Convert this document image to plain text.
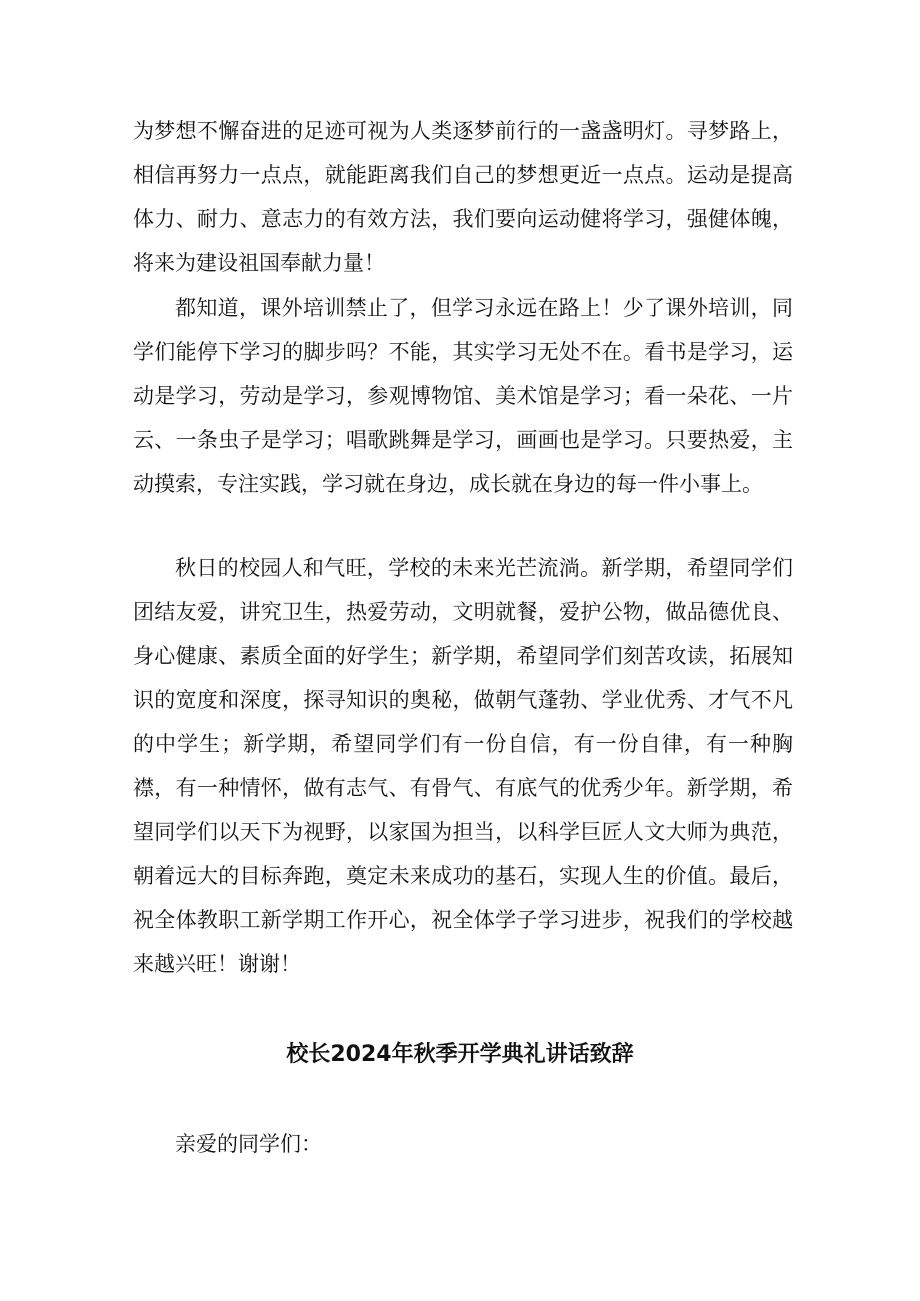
为梦想不懈奋进的足迹可视为人类逐梦前行的一盏盏明灯。寻梦路上，相信再努力一点点，就能距离我们自己的梦想更近一点点。运动是提高体力、耐力、意志力的有效方法，我们要向运动健将学习，强健体魄，将来为建设祖国奉献力量！

都知道，课外培训禁止了，但学习永远在路上！少了课外培训，同学们能停下学习的脚步吗？不能，其实学习无处不在。看书是学习，运动是学习，劳动是学习，参观博物馆、美术馆是学习；看一朵花、一片云、一条虫子是学习；唱歌跳舞是学习，画画也是学习。只要热爱，主动摸索，专注实践，学习就在身边，成长就在身边的每一件小事上。

秋日的校园人和气旺，学校的未来光芒流淌。新学期，希望同学们团结友爱，讲究卫生，热爱劳动，文明就餐，爱护公物，做品德优良、身心健康、素质全面的好学生；新学期，希望同学们刻苦攻读，拓展知识的宽度和深度，探寻知识的奥秘，做朝气蓬勃、学业优秀、才气不凡的中学生；新学期，希望同学们有一份自信，有一份自律，有一种胸襟，有一种情怀，做有志气、有骨气、有底气的优秀少年。新学期，希望同学们以天下为视野，以家国为担当，以科学巨匠人文大师为典范，朝着远大的目标奔跑，奠定未来成功的基石，实现人生的价值。最后，祝全体教职工新学期工作开心，祝全体学子学习进步，祝我们的学校越来越兴旺！谢谢！

校长2024年秋季开学典礼讲话致辞
亲爱的同学们：
